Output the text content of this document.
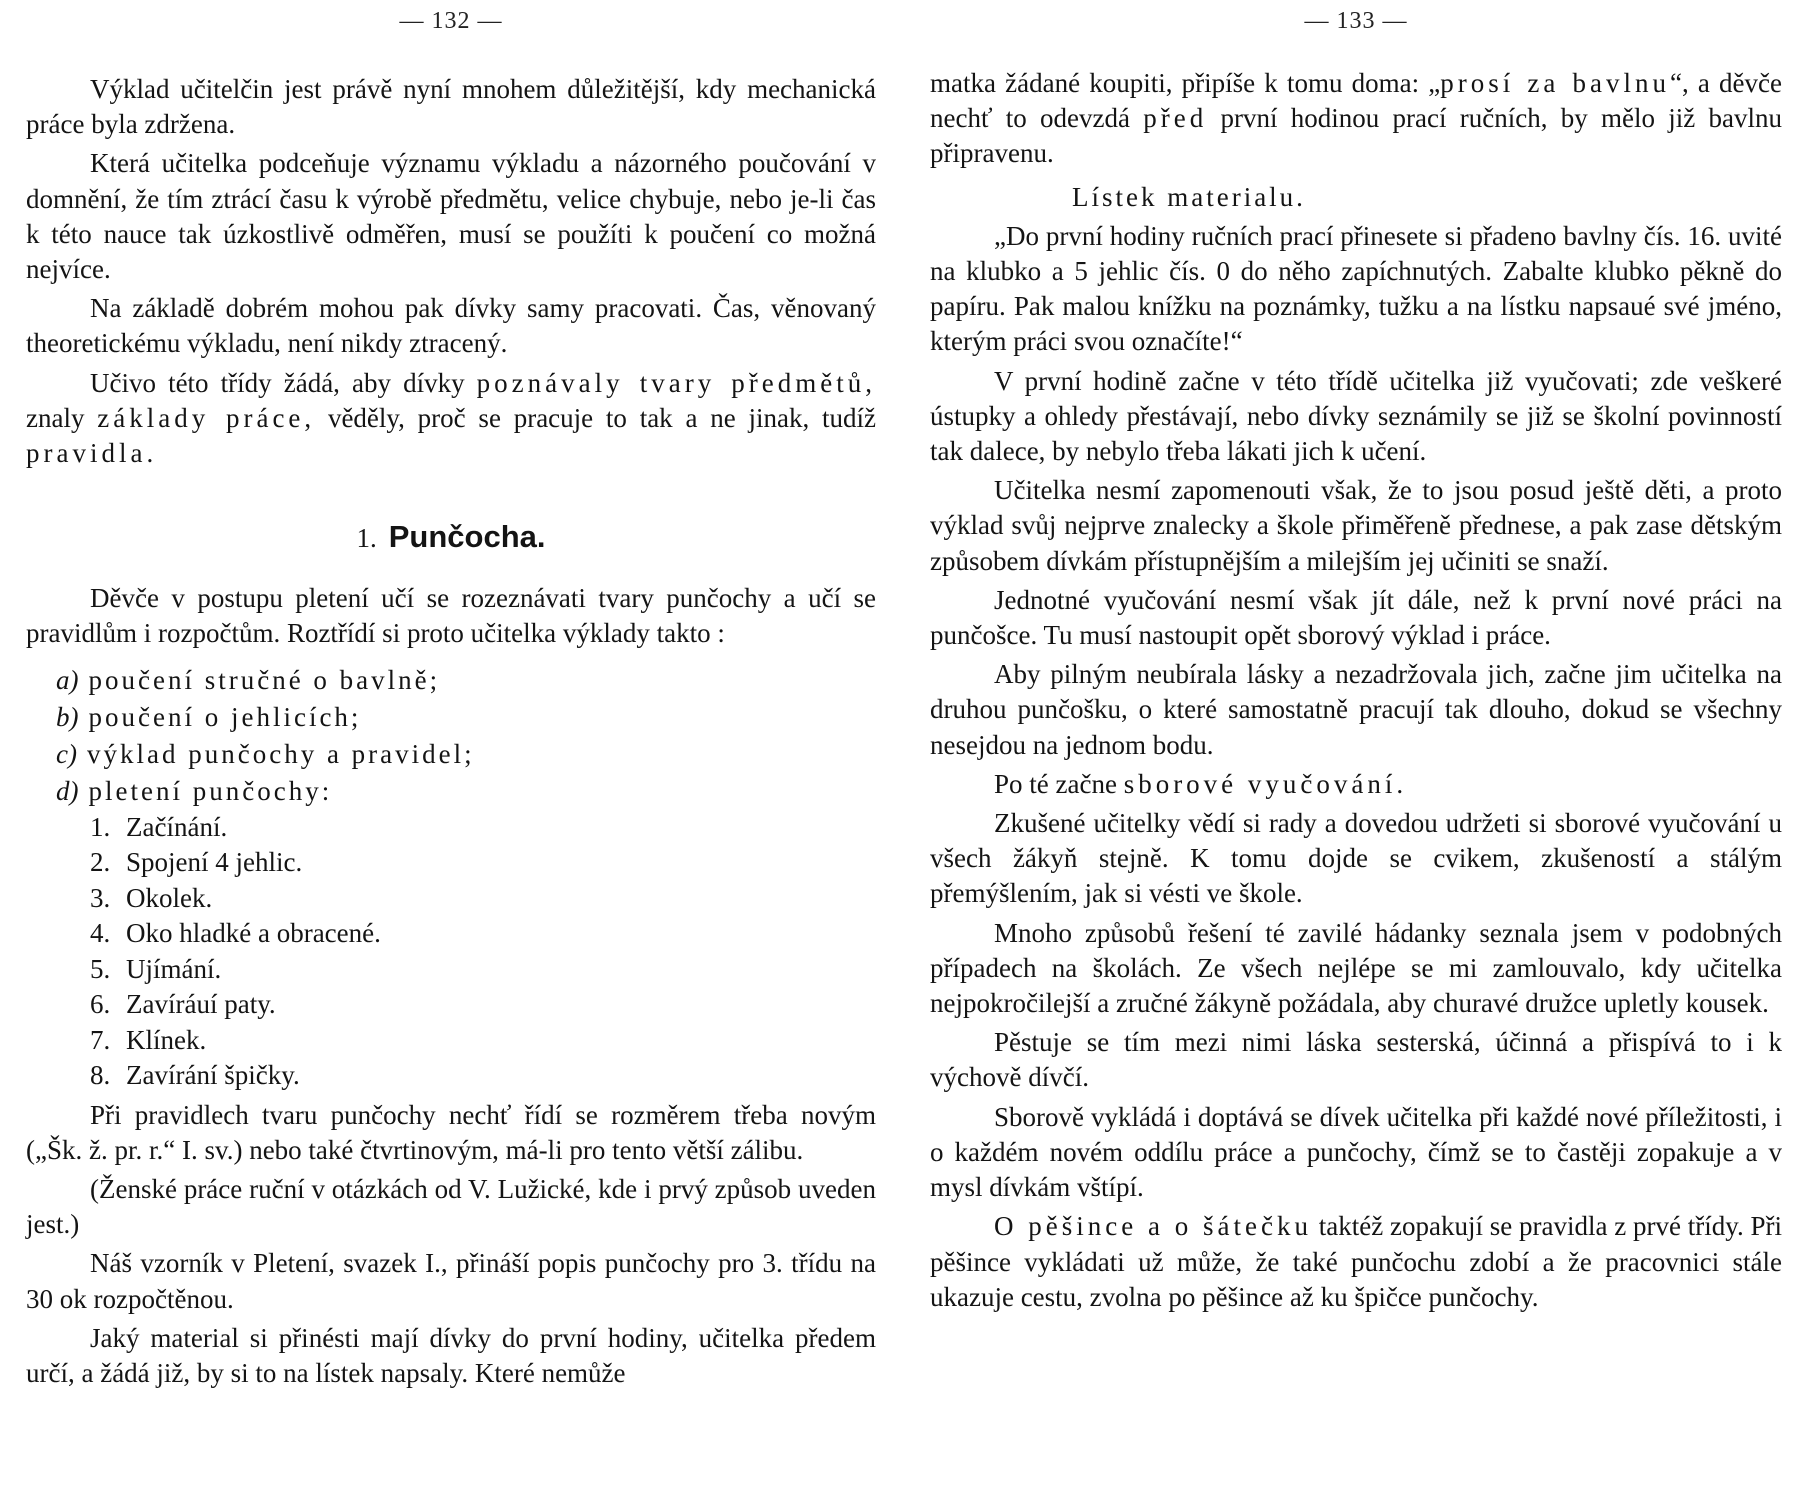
— 132 —

Výklad učitelčin jest právě nyní mnohem důležitější, kdy mechanická práce byla zdržena.

Která učitelka podceňuje významu výkladu a názorného poučování v domnění, že tím ztrácí času k výrobě předmětu, velice chybuje, nebo je-li čas k této nauce tak úzkostlivě odměřen, musí se použíti k poučení co možná nejvíce.

Na základě dobrém mohou pak dívky samy pracovati. Čas, věnovaný theoretickému výkladu, není nikdy ztracený.

Učivo této třídy žádá, aby dívky poznávaly tvary předmětů, znaly základy práce, věděly, proč se pracuje to tak a ne jinak, tudíž pravidla.

1. Punčocha.

Děvče v postupu pletení učí se rozeznávati tvary punčochy a učí se pravidlům i rozpočtům. Roztřídí si proto učitelka výklady takto :

a) poučení stručné o bavlně;
b) poučení o jehlicích;
c) výklad punčochy a pravidel;
d) pletení punčochy:
1. Začínání.
2. Spojení 4 jehlic.
3. Okolek.
4. Oko hladké a obracené.
5. Ujímání.
6. Zavíráuí paty.
7. Klínek.
8. Zavírání špičky.

Při pravidlech tvaru punčochy nechť řídí se rozměrem třeba novým („Šk. ž. pr. r.“ I. sv.) nebo také čtvrtinovým, má-li pro tento větší zálibu.

(Ženské práce ruční v otázkách od V. Lužické, kde i prvý způsob uveden jest.)

Náš vzorník v Pletení, svazek I., přináší popis punčochy pro 3. třídu na 30 ok rozpočtěnou.

Jaký material si přinésti mají dívky do první hodiny, učitelka předem určí, a žádá již, by si to na lístek napsaly. Které nemůže

— 133 —

matka žádané koupiti, připíše k tomu doma: „prosí za bavlnu“, a děvče nechť to odevzdá před první hodinou prací ručních, by mělo již bavlnu připravenu.

Lístek materialu.

„Do první hodiny ručních prací přinesete si přadeno bavlny čís. 16. uvité na klubko a 5 jehlic čís. 0 do něho zapíchnutých. Zabalte klubko pěkně do papíru. Pak malou knížku na poznámky, tužku a na lístku napsaué své jméno, kterým práci svou označíte!“

V první hodině začne v této třídě učitelka již vyučovati; zde veškeré ústupky a ohledy přestávají, nebo dívky seznámily se již se školní povinností tak dalece, by nebylo třeba lákati jich k učení.

Učitelka nesmí zapomenouti však, že to jsou posud ještě děti, a proto výklad svůj nejprve znalecky a škole přiměřeně přednese, a pak zase dětským způsobem dívkám přístupnějším a milejším jej učiniti se snaží.

Jednotné vyučování nesmí však jít dále, než k první nové práci na punčošce. Tu musí nastoupit opět sborový výklad i práce.

Aby pilným neubírala lásky a nezadržovala jich, začne jim učitelka na druhou punčošku, o které samostatně pracují tak dlouho, dokud se všechny nesejdou na jednom bodu.

Po té začne sborové vyučování.

Zkušené učitelky vědí si rady a dovedou udržeti si sborové vyučování u všech žákyň stejně. K tomu dojde se cvikem, zkušeností a stálým přemýšlením, jak si vésti ve škole.

Mnoho způsobů řešení té zavilé hádanky seznala jsem v podobných případech na školách. Ze všech nejlépe se mi zamlouvalo, kdy učitelka nejpokročilejší a zručné žákyně požádala, aby churavé družce upletly kousek.

Pěstuje se tím mezi nimi láska sesterská, účinná a přispívá to i k výchově dívčí.

Sborově vykládá i doptává se dívek učitelka při každé nové příležitosti, i o každém novém oddílu práce a punčochy, čímž se to častěji zopakuje a v mysl dívkám vštípí.

O pěšince a o šátečku taktéž zopakují se pravidla z prvé třídy. Při pěšince vykládati už může, že také punčochu zdobí a že pracovnici stále ukazuje cestu, zvolna po pěšince až ku špičce punčochy.
